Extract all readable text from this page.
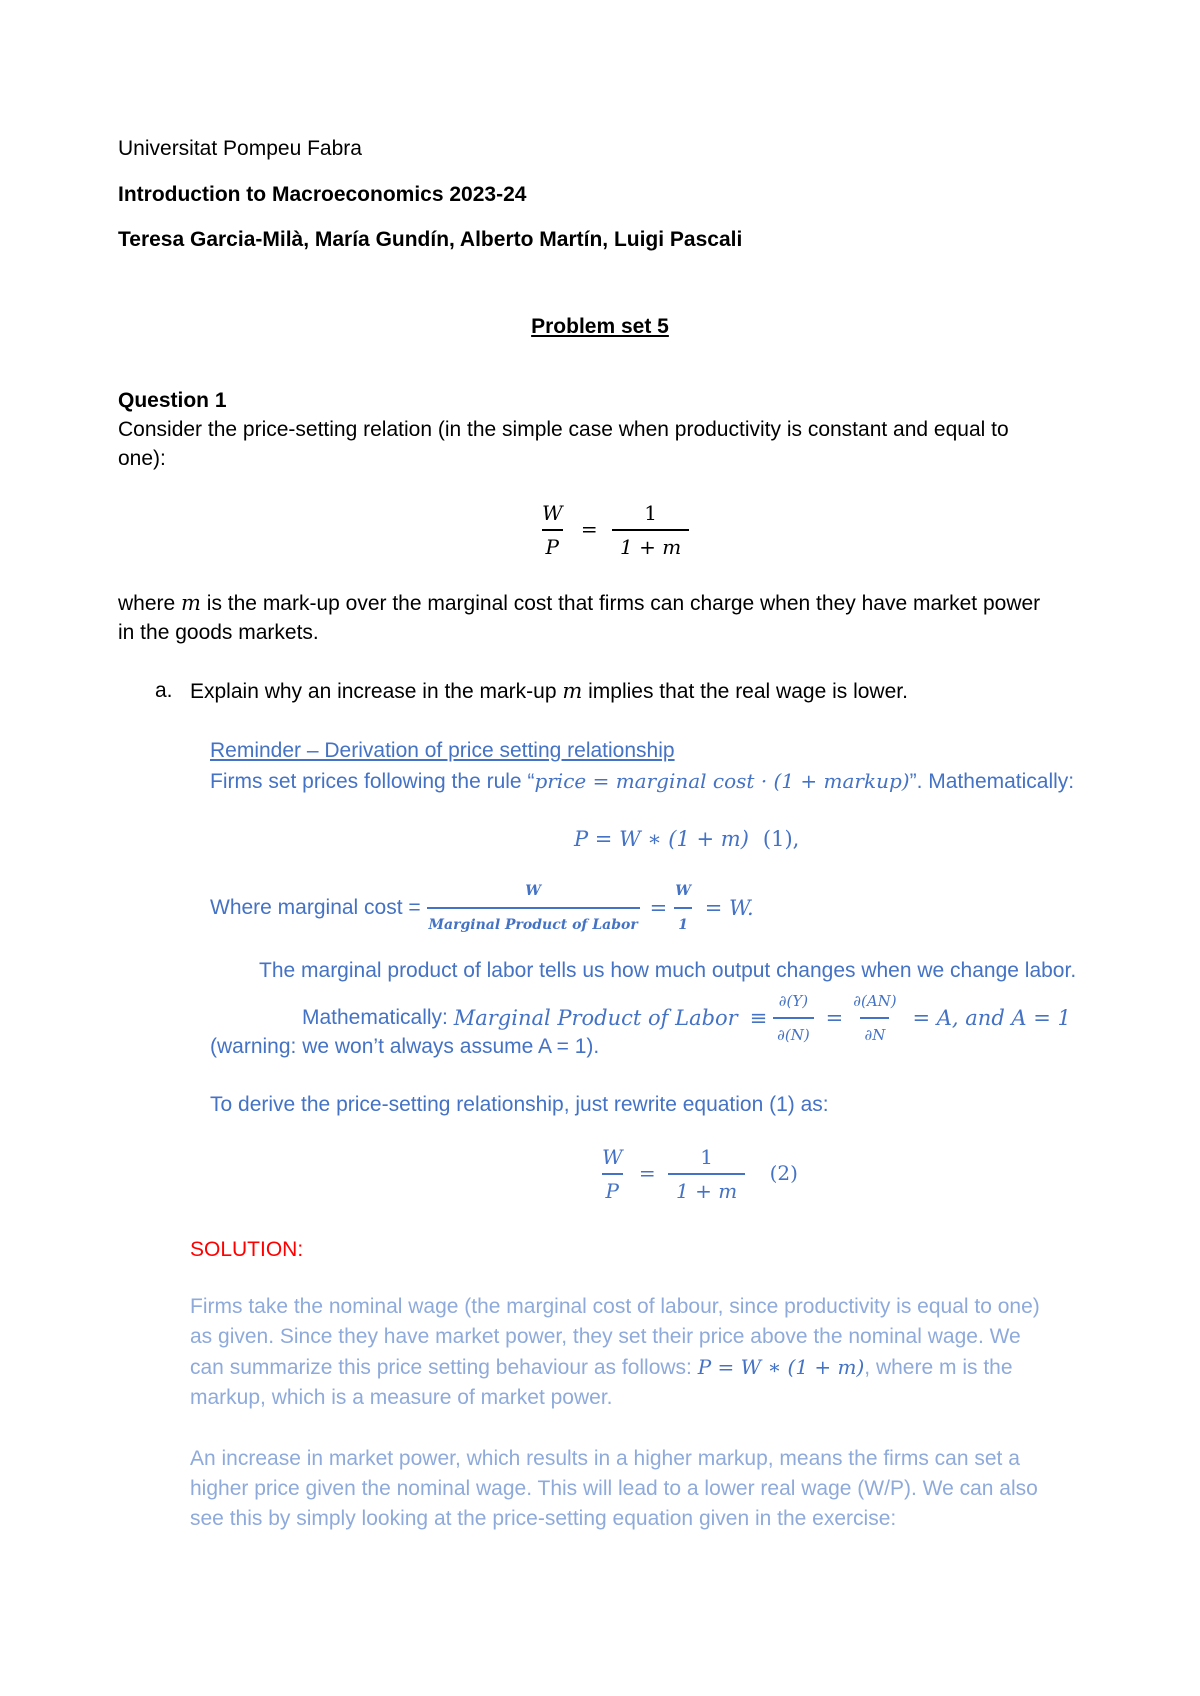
Universitat Pompeu Fabra
Introduction to Macroeconomics 2023-24
Teresa Garcia-Milà, María Gundín, Alberto Martín, Luigi Pascali
Problem set 5
Question 1
Consider the price-setting relation (in the simple case when productivity is constant and equal to
one):
$\frac{W}{P} = \frac{1}{1 + m}$
where m is the mark-up over the marginal cost that firms can charge when they have market power
in the goods markets.
a. Explain why an increase in the mark-up m implies that the real wage is lower.
Reminder – Derivation of price setting relationship
Firms set prices following the rule “price = marginal cost · (1 + markup)”. Mathematically:
P = W ∗ (1 + m) (1),
Where marginal $\cos t = \frac{W}{\text{Marginal Product of Labor}} = \frac{W}{1} = W$.
The marginal product of labor tells us how much output changes when we change labor.
Mathematically: Marginal Product of Labor ≡ $\frac{\partial(Y)}{\partial(N)} = \frac{\partial(AN)}{\partial N} = A$, and A = 1
(warning: we won’t always assume A = 1).
To derive the price-setting relationship, just rewrite equation (1) as:
$\frac{W}{P} = \frac{1}{1 + m} (2)$
SOLUTION:
Firms take the nominal wage (the marginal cost of labour, since productivity is equal to one)
as given. Since they have market power, they set their price above the nominal wage. We
can summarize this price setting behaviour as follows: P = W ∗ (1 + m), where m is the
markup, which is a measure of market power.
An increase in market power, which results in a higher markup, means the firms can set a
higher price given the nominal wage. This will lead to a lower real wage (W/P). We can also
see this by simply looking at the price-setting equation given in the exercise:
